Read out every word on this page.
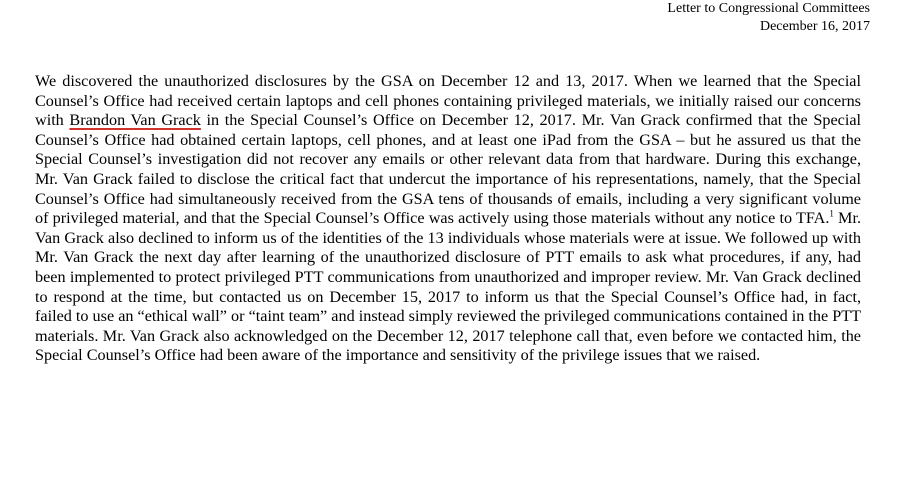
Letter to Congressional Committees
December 16, 2017

We discovered the unauthorized disclosures by the GSA on December 12 and 13, 2017. When we learned that the Special Counsel’s Office had received certain laptops and cell phones containing privileged materials, we initially raised our concerns with Brandon Van Grack in the Special Counsel’s Office on December 12, 2017. Mr. Van Grack confirmed that the Special Counsel’s Office had obtained certain laptops, cell phones, and at least one iPad from the GSA – but he assured us that the Special Counsel’s investigation did not recover any emails or other relevant data from that hardware. During this exchange, Mr. Van Grack failed to disclose the critical fact that undercut the importance of his representations, namely, that the Special Counsel’s Office had simultaneously received from the GSA tens of thousands of emails, including a very significant volume of privileged material, and that the Special Counsel’s Office was actively using those materials without any notice to TFA.$^1$ Mr. Van Grack also declined to inform us of the identities of the 13 individuals whose materials were at issue. We followed up with Mr. Van Grack the next day after learning of the unauthorized disclosure of PTT emails to ask what procedures, if any, had been implemented to protect privileged PTT communications from unauthorized and improper review. Mr. Van Grack declined to respond at the time, but contacted us on December 15, 2017 to inform us that the Special Counsel’s Office had, in fact, failed to use an “ethical wall” or “taint team” and instead simply reviewed the privileged communications contained in the PTT materials. Mr. Van Grack also acknowledged on the December 12, 2017 telephone call that, even before we contacted him, the Special Counsel’s Office had been aware of the importance and sensitivity of the privilege issues that we raised.
